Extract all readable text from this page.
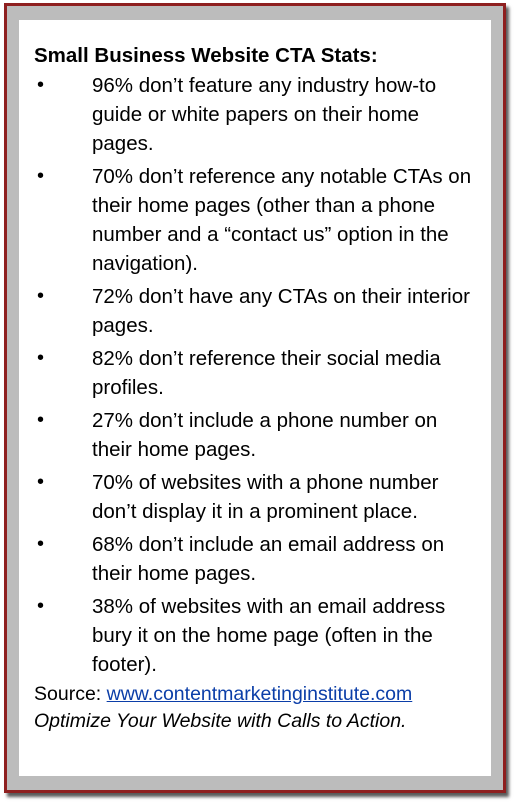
Small Business Website CTA Stats:
• 96% don’t feature any industry how-to guide or white papers on their home pages.
• 70% don’t reference any notable CTAs on their home pages (other than a phone number and a “contact us” option in the navigation).
• 72% don’t have any CTAs on their interior pages.
• 82% don’t reference their social media profiles.
• 27% don’t include a phone number on their home pages.
• 70% of websites with a phone number don’t display it in a prominent place.
• 68% don’t include an email address on their home pages.
• 38% of websites with an email address bury it on the home page (often in the footer).
Source: www.contentmarketinginstitute.com
Optimize Your Website with Calls to Action.
